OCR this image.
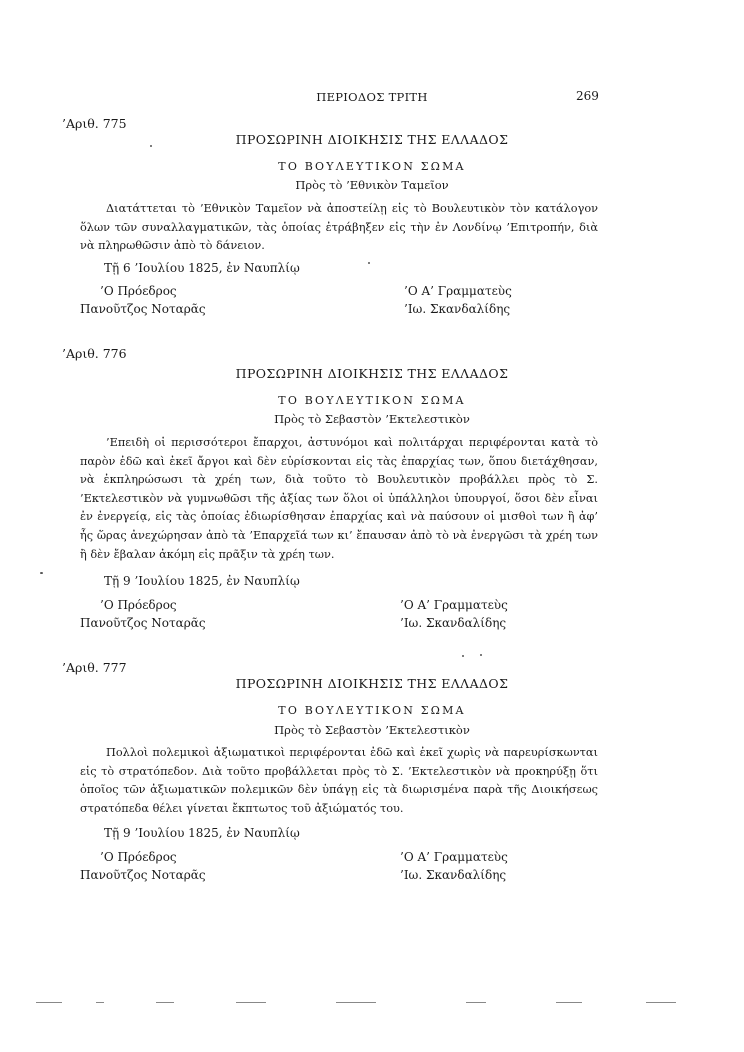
ΠΕΡΙΟΔΟΣ ΤΡΙΤΗ	269
’Αριθ. 775
ΠΡΟΣΩΡΙΝΗ ΔΙΟΙΚΗΣΙΣ ΤΗΣ ΕΛΛΑΔΟΣ
ΤΟ ΒΟΥΛΕΥΤΙΚΟΝ ΣΩΜΑ
Πρὸς τὸ ’Εθνικὸν Ταμεῖον

Διατάττεται τὸ ’Εθνικὸν Ταμεῖον νὰ ἀποστείλῃ εἰς τὸ Βουλευτικὸν τὸν κατάλογον ὅλων τῶν συναλλαγματικῶν, τὰς ὁποίας ἐτράβηξεν εἰς τὴν ἐν Λονδίνῳ ’Επιτροπήν, διὰ νὰ πληρωθῶσιν ἀπὸ τὸ δάνειον.

Τῇ 6 ’Ιουλίου 1825, ἐν Ναυπλίῳ
’Ο Πρόεδρος
Πανοῦτζος Νοταρᾶς
’Ο Α’ Γραμματεὺς
’Ιω. Σκανδαλίδης
’Αριθ. 776
ΠΡΟΣΩΡΙΝΗ ΔΙΟΙΚΗΣΙΣ ΤΗΣ ΕΛΛΑΔΟΣ
ΤΟ ΒΟΥΛΕΥΤΙΚΟΝ ΣΩΜΑ
Πρὸς τὸ Σεβαστὸν ’Εκτελεστικὸν

’Επειδὴ οἱ περισσότεροι ἔπαρχοι, ἀστυνόμοι καὶ πολιτάρχαι περιφέρονται κατὰ τὸ παρὸν ἐδῶ καὶ ἐκεῖ ἄργοι καὶ δὲν εὑρίσκονται εἰς τὰς ἐπαρχίας των, ὅπου διετάχθησαν, νὰ ἐκπληρώσωσι τὰ χρέη των, διὰ τοῦτο τὸ Βουλευτικὸν προβάλλει πρὸς τὸ Σ. ’Εκτελεστικὸν νὰ γυμνωθῶσι τῆς ἀξίας των ὅλοι οἱ ὑπάλληλοι ὑπουργοί, ὅσοι δὲν εἶναι ἐν ἐνεργείᾳ, εἰς τὰς ὁποίας ἐδιωρίσθησαν ἐπαρχίας καὶ νὰ παύσουν οἱ μισθοὶ των ἢ ἀφ’ ἧς ὥρας ἀνεχώρησαν ἀπὸ τὰ ’Επαρχεῖά των κι’ ἔπαυσαν ἀπὸ τὸ νὰ ἐνεργῶσι τὰ χρέη των ἢ δὲν ἔβαλαν ἀκόμη εἰς πρᾶξιν τὰ χρέη των.

Τῇ 9 ’Ιουλίου 1825, ἐν Ναυπλίῳ
’Ο Πρόεδρος
Πανοῦτζος Νοταρᾶς
’Ο Α’ Γραμματεὺς
’Ιω. Σκανδαλίδης
’Αριθ. 777
ΠΡΟΣΩΡΙΝΗ ΔΙΟΙΚΗΣΙΣ ΤΗΣ ΕΛΛΑΔΟΣ
ΤΟ ΒΟΥΛΕΥΤΙΚΟΝ ΣΩΜΑ
Πρὸς τὸ Σεβαστὸν ’Εκτελεστικὸν

Πολλοὶ πολεμικοὶ ἀξιωματικοὶ περιφέρονται ἐδῶ καὶ ἐκεῖ χωρὶς νὰ παρευρίσκωνται εἰς τὸ στρατόπεδον. Διὰ τοῦτο προβάλλεται πρὸς τὸ Σ. ’Εκτελεστικὸν νὰ προκηρύξῃ ὅτι ὁποῖος τῶν ἀξιωματικῶν πολεμικῶν δὲν ὑπάγῃ εἰς τὰ διωρισμένα παρὰ τῆς Διοικήσεως στρατόπεδα θέλει γίνεται ἔκπτωτος τοῦ ἀξιώματός του.

Τῇ 9 ’Ιουλίου 1825, ἐν Ναυπλίῳ
’Ο Πρόεδρος
Πανοῦτζος Νοταρᾶς
’Ο Α’ Γραμματεὺς
’Ιω. Σκανδαλίδης
